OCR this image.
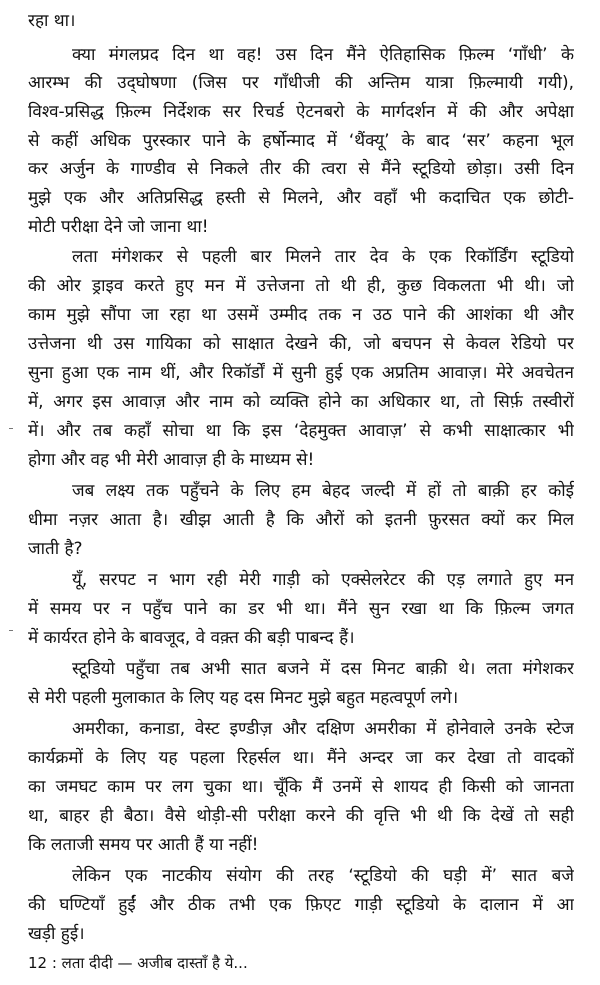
रहा था।
क्या मंगलप्रद दिन था वह! उस दिन मैंने ऐतिहासिक फ़िल्म ‘गाँधी’ के
आरम्भ की उद्‌घोषणा (जिस पर गाँधीजी की अन्तिम यात्रा फ़िल्मायी गयी),
विश्व-प्रसिद्ध फ़िल्म निर्देशक सर रिचर्ड ऐटनबरो के मार्गदर्शन में की और अपेक्षा
से कहीं अधिक पुरस्कार पाने के हर्षोन्माद में ‘थैंक्यू’ के बाद ‘सर’ कहना भूल
कर अर्जुन के गाण्डीव से निकले तीर की त्वरा से मैंने स्टूडियो छोड़ा। उसी दिन
मुझे एक और अतिप्रसिद्ध हस्ती से मिलने, और वहाँ भी कदाचित एक छोटी-
मोटी परीक्षा देने जो जाना था!
लता मंगेशकर से पहली बार मिलने तार देव के एक रिकॉर्डिंग स्टूडियो
की ओर ड्राइव करते हुए मन में उत्तेजना तो थी ही, कुछ विकलता भी थी। जो
काम मुझे सौंपा जा रहा था उसमें उम्मीद तक न उठ पाने की आशंका थी और
उत्तेजना थी उस गायिका को साक्षात देखने की, जो बचपन से केवल रेडियो पर
सुना हुआ एक नाम थीं, और रिकॉर्डों में सुनी हुई एक अप्रतिम आवाज़। मेरे अवचेतन
में, अगर इस आवाज़ और नाम को व्यक्ति होने का अधिकार था, तो सिर्फ़ तस्वीरों
में। और तब कहाँ सोचा था कि इस ‘देहमुक्त आवाज़’ से कभी साक्षात्कार भी
होगा और वह भी मेरी आवाज़ ही के माध्यम से!
जब लक्ष्य तक पहुँचने के लिए हम बेहद जल्दी में हों तो बाक़ी हर कोई
धीमा नज़र आता है। खीझ आती है कि औरों को इतनी फ़ुरसत क्यों कर मिल
जाती है?
यूँ, सरपट न भाग रही मेरी गाड़ी को एक्सेलरेटर की एड़ लगाते हुए मन
में समय पर न पहुँच पाने का डर भी था। मैंने सुन रखा था कि फ़िल्म जगत
में कार्यरत होने के बावजूद, वे वक़्त की बड़ी पाबन्द हैं।
स्टूडियो पहुँचा तब अभी सात बजने में दस मिनट बाक़ी थे। लता मंगेशकर
से मेरी पहली मुलाकात के लिए यह दस मिनट मुझे बहुत महत्वपूर्ण लगे।
अमरीका, कनाडा, वेस्ट इण्डीज़ और दक्षिण अमरीका में होनेवाले उनके स्टेज
कार्यक्रमों के लिए यह पहला रिहर्सल था। मैंने अन्दर जा कर देखा तो वादकों
का जमघट काम पर लग चुका था। चूँकि मैं उनमें से शायद ही किसी को जानता
था, बाहर ही बैठा। वैसे थोड़ी-सी परीक्षा करने की वृत्ति भी थी कि देखें तो सही
कि लताजी समय पर आती हैं या नहीं!
लेकिन एक नाटकीय संयोग की तरह ‘स्टूडियो की घड़ी में’ सात बजे
की घण्टियाँ हुईं और ठीक तभी एक फ़िएट गाड़ी स्टूडियो के दालान में आ
खड़ी हुई।
12 : लता दीदी — अजीब दास्ताँ है ये...
